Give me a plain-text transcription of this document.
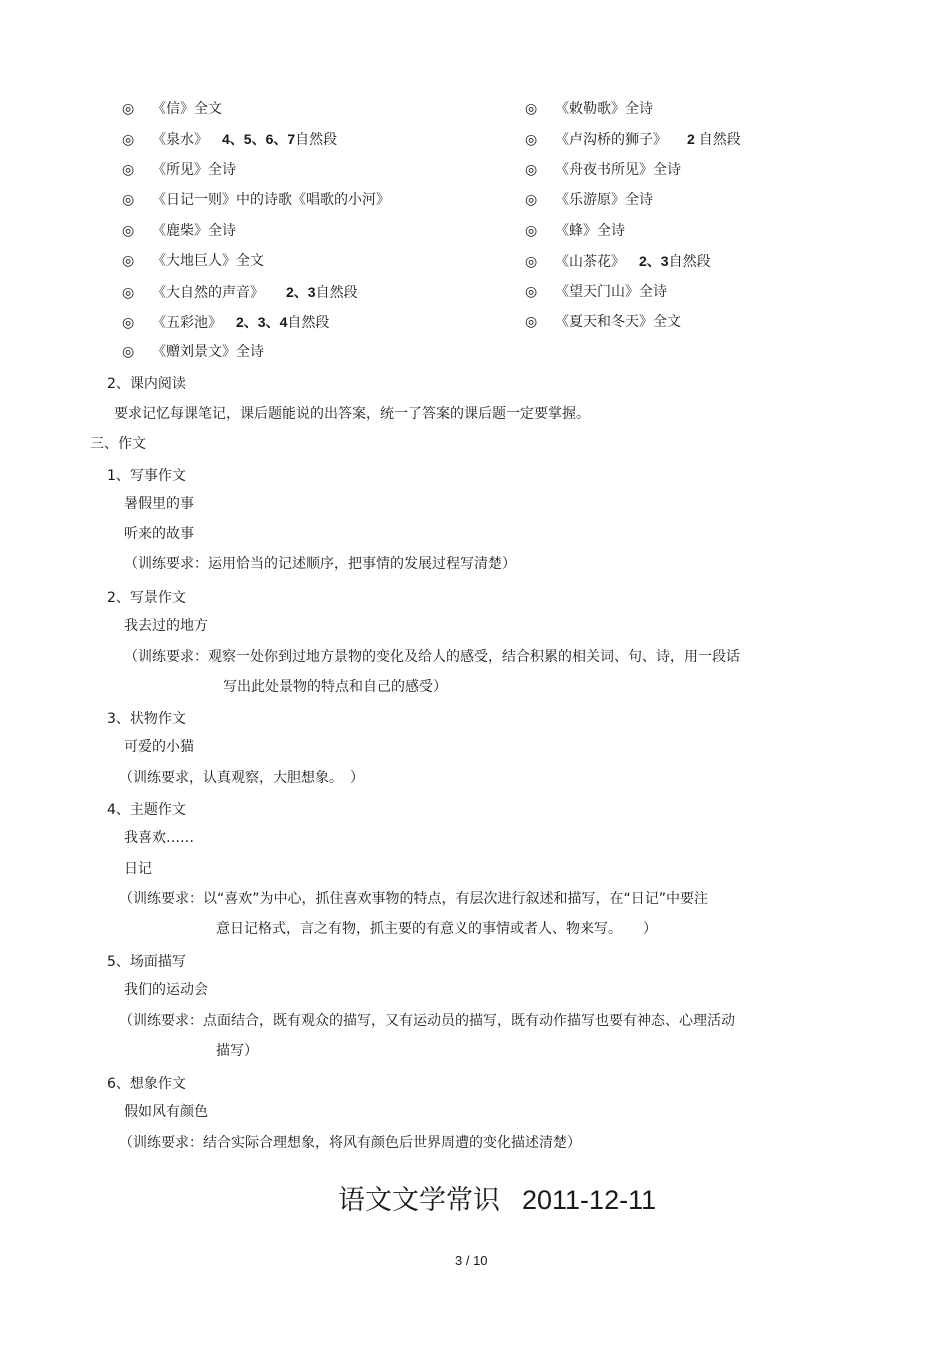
◎ 《信》全文
◎ 《泉水》 4、5、6、7自然段
◎ 《所见》全诗
◎ 《日记一则》中的诗歌《唱歌的小河》
◎ 《鹿柴》全诗
◎ 《大地巨人》全文
◎ 《大自然的声音》 2、3自然段
◎ 《五彩池》 2、3、4自然段
◎ 《赠刘景文》全诗
◎ 《敕勒歌》全诗
◎ 《卢沟桥的狮子》 2 自然段
◎ 《舟夜书所见》全诗
◎ 《乐游原》全诗
◎ 《蜂》全诗
◎ 《山茶花》 2、3自然段
◎ 《望天门山》全诗
◎ 《夏天和冬天》全文
2、课内阅读
要求记忆每课笔记，课后题能说的出答案，统一了答案的课后题一定要掌握。
三、作文
1、写事作文
暑假里的事
听来的故事
（训练要求：运用恰当的记述顺序，把事情的发展过程写清楚）
2、写景作文
我去过的地方
（训练要求：观察一处你到过地方景物的变化及给人的感受，结合积累的相关词、句、诗，用一段话
写出此处景物的特点和自己的感受）
3、状物作文
可爱的小猫
（训练要求，认真观察，大胆想象。　）
4、主题作文
我喜欢……
日记
（训练要求：以“喜欢”为中心，抓住喜欢事物的特点，有层次进行叙述和描写，在“日记”中要注
意日记格式，言之有物，抓主要的有意义的事情或者人、物来写。　　）
5、场面描写
我们的运动会
（训练要求：点面结合，既有观众的描写，又有运动员的描写，既有动作描写也要有神态、心理活动
描写）
6、想象作文
假如风有颜色
（训练要求：结合实际合理想象，将风有颜色后世界周遭的变化描述清楚）
语文文学常识 2011-12-11
3 / 10
